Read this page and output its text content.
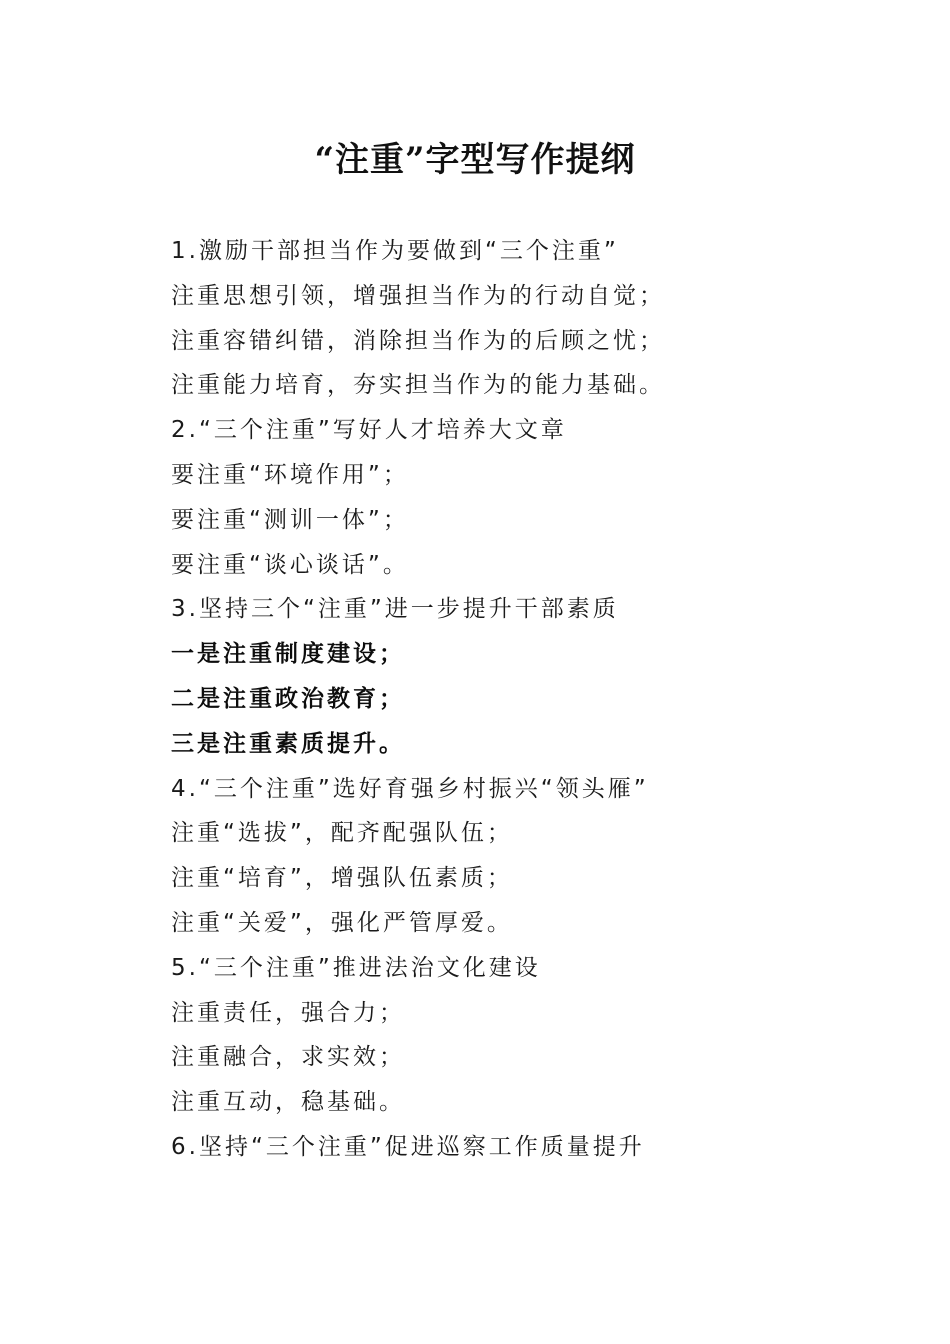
“注重”字型写作提纲
1.激励干部担当作为要做到“三个注重”
注重思想引领，增强担当作为的行动自觉；
注重容错纠错，消除担当作为的后顾之忧；
注重能力培育，夯实担当作为的能力基础。
2.“三个注重”写好人才培养大文章
要注重“环境作用”；
要注重“测训一体”；
要注重“谈心谈话”。
3.坚持三个“注重”进一步提升干部素质
一是注重制度建设；
二是注重政治教育；
三是注重素质提升。
4.“三个注重”选好育强乡村振兴“领头雁”
注重“选拔”，配齐配强队伍；
注重“培育”，增强队伍素质；
注重“关爱”，强化严管厚爱。
5.“三个注重”推进法治文化建设
注重责任，强合力；
注重融合，求实效；
注重互动，稳基础。
6.坚持“三个注重”促进巡察工作质量提升
